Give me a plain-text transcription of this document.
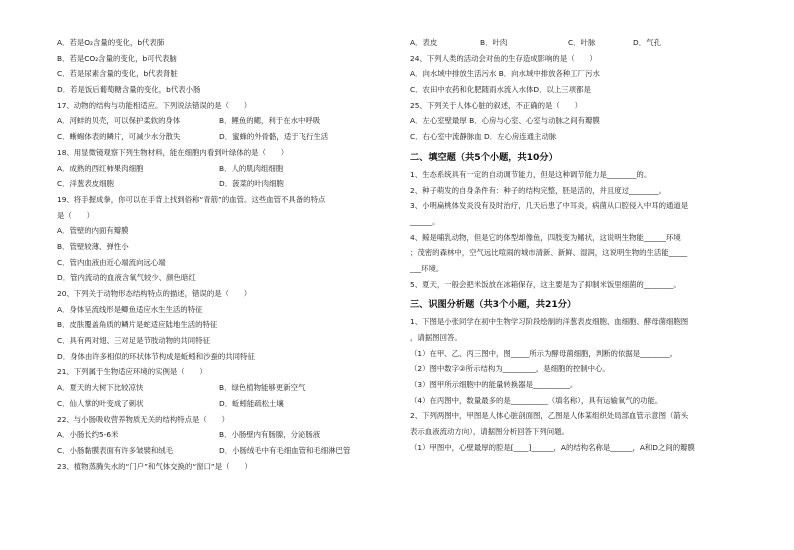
A．若是O₂含量的变化，b代表肺
B．若是CO₂含量的变化，b可代表脑
C．若是尿素含量的变化，b代表肾脏
D．若是饭后葡萄糖含量的变化，b代表小肠
17、动物的结构与功能相适应。下列说法错误的是（　　）
A．河蚌的贝壳，可以保护柔软的身体	B．鲤鱼的鳃，利于在水中呼吸
C．蜥蜴体表的鳞片，可减少水分散失	D．蜜蜂的外骨骼，适于飞行生活
18、用显微镜观察下列生物材料，能在细胞内看到叶绿体的是（　　）
A．成熟的西红柿果肉细胞	B．人的肌肉组细胞
C．洋葱表皮细胞	D．菠菜的叶肉细胞
19、将手握成拳，你可以在手背上找到俗称“青筋”的血管。这些血管不具备的特点
是（　　）
A．管壁的内面有瓣膜
B．管壁较薄、弹性小
C．管内血液由近心端流向远心端
D．管内流动的血液含氧气较少、颜色暗红
20、下列关于动物形态结构特点的描述，错误的是（　　）
A．身体呈流线形是鲫鱼适应水生生活的特征
B．皮肤覆盖角质的鳞片是蛇适应陆地生活的特征
C．具有两对翅、三对足是节肢动物的共同特征
D．身体由许多相似的环状体节构成是蚯蚓和沙蚕的共同特征
21、下列属于生物适应环境的实例是（　　）
A．夏天的大树下比较凉快	B．绿色植物能够更新空气
C．仙人掌的叶变成了刺状	D．蚯蚓能疏松土壤
22、与小肠吸收营养物质无关的结构特点是（　　）
A．小肠长约5-6米	B．小肠壁内有肠腺，分泌肠液
C．小肠黏膜表面有许多皱襞和绒毛	D．小肠绒毛中有毛细血管和毛细淋巴管
23、植物蒸腾失水的“门户”和气体交换的“窗口”是（　　）
A．表皮	B．叶肉	C．叶脉	D．气孔
24、下列人类的活动会对鱼的生存造成影响的是（　　）
A．向水域中排放生活污水 B．向水域中排放各种工厂污水
C．农田中农药和化肥随雨水流入水体D．以上三项都是
25、下列关于人体心脏的叙述，不正确的是（　　）
A．左心室壁最厚 B．心房与心室、心室与动脉之间有瓣膜
C．右心室中流静脉血 D．左心房连通主动脉
二、填空题（共5个小题，共10分）
1、生态系统具有一定的自动调节能力，但是这种调节能力是________的。
2、种子萌发的自身条件有：种子的结构完整，胚是活的，并且度过________。
3、小明扁桃体发炎没有及时治疗，几天后患了中耳炎，病菌从口腔侵入中耳的通道是
______。
4、鲸是哺乳动物，但是它的体型却像鱼，四肢变为鳍状，这说明生物能______环境
；茂密的森林中，空气远比喧闹的城市清新、新鲜、湿润，这说明生物的生活能_____
___环境。
5、夏天，一般会把米饭放在冰箱保存，这主要是为了抑制米饭里细菌的________。
三、识图分析题（共3个小题，共21分）
1、下图是小张同学在初中生物学习阶段绘制的洋葱表皮细胞、血细胞、酵母菌细胞图
，请据图回答。
（1）在甲、乙、丙三图中，图_____所示为酵母菌细胞，判断的依据是________。
（2）图中数字②所示结构为_________，是细胞的控制中心。
（3）图甲所示细胞中的能量转换器是__________。
（4）在丙图中，数量最多的是__________（填名称），具有运输氧气的功能。
2、下列两图中，甲图是人体心脏剖面图，乙图是人体某组织处局部血管示意图（箭头
表示血液流动方向），请据图分析回答下列问题。
（1）甲图中，心壁最厚的腔是[____]______，A的结构名称是______，A和D之间的瓣膜
